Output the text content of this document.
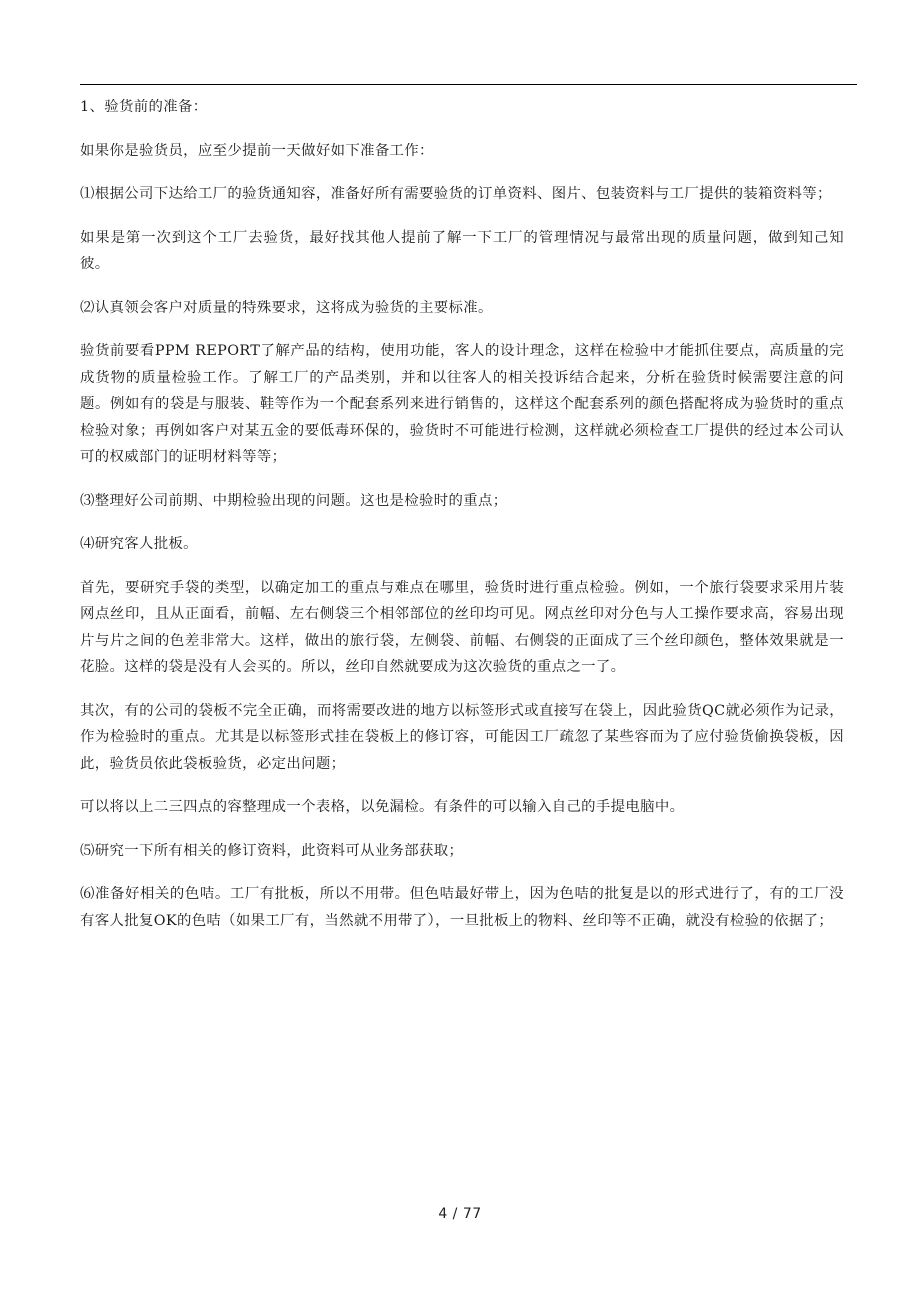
1、验货前的准备：

如果你是验货员，应至少提前一天做好如下准备工作：

⑴根据公司下达给工厂的验货通知容，准备好所有需要验货的订单资料、图片、包装资料与工厂提供的装箱资料等；

如果是第一次到这个工厂去验货，最好找其他人提前了解一下工厂的管理情况与最常出现的质量问题，做到知己知彼。

⑵认真领会客户对质量的特殊要求，这将成为验货的主要标准。

验货前要看PPM REPORT了解产品的结构，使用功能，客人的设计理念，这样在检验中才能抓住要点，高质量的完成货物的质量检验工作。了解工厂的产品类别，并和以往客人的相关投诉结合起来，分析在验货时候需要注意的问题。例如有的袋是与服装、鞋等作为一个配套系列来进行销售的，这样这个配套系列的颜色搭配将成为验货时的重点检验对象；再例如客户对某五金的要低毒环保的，验货时不可能进行检测，这样就必须检查工厂提供的经过本公司认可的权威部门的证明材料等等；

⑶整理好公司前期、中期检验出现的问题。这也是检验时的重点；

⑷研究客人批板。

首先，要研究手袋的类型，以确定加工的重点与难点在哪里，验货时进行重点检验。例如，一个旅行袋要求采用片装网点丝印，且从正面看，前幅、左右侧袋三个相邻部位的丝印均可见。网点丝印对分色与人工操作要求高，容易出现片与片之间的色差非常大。这样，做出的旅行袋，左侧袋、前幅、右侧袋的正面成了三个丝印颜色，整体效果就是一花脸。这样的袋是没有人会买的。所以，丝印自然就要成为这次验货的重点之一了。

其次，有的公司的袋板不完全正确，而将需要改进的地方以标签形式或直接写在袋上，因此验货QC就必须作为记录，作为检验时的重点。尤其是以标签形式挂在袋板上的修订容，可能因工厂疏忽了某些容而为了应付验货偷换袋板，因此，验货员依此袋板验货，必定出问题；

可以将以上二三四点的容整理成一个表格，以免漏检。有条件的可以输入自己的手提电脑中。

⑸研究一下所有相关的修订资料，此资料可从业务部获取；

⑹准备好相关的色咭。工厂有批板，所以不用带。但色咭最好带上，因为色咭的批复是以的形式进行了，有的工厂没有客人批复OK的色咭（如果工厂有，当然就不用带了），一旦批板上的物料、丝印等不正确，就没有检验的依据了；

4 / 77
